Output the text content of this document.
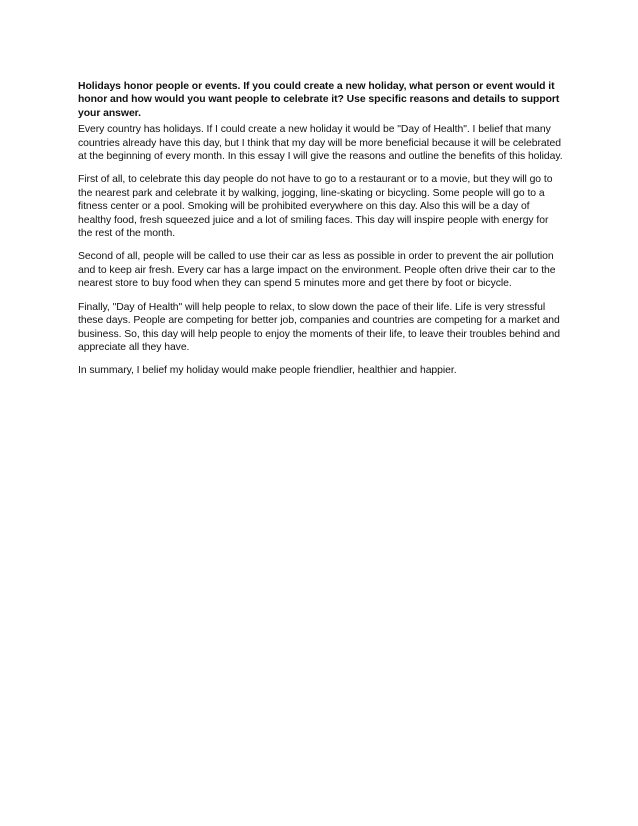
Holidays honor people or events. If you could create a new holiday, what person or event would it honor and how would you want people to celebrate it? Use specific reasons and details to support your answer.

Every country has holidays. If I could create a new holiday it would be "Day of Health". I belief that many countries already have this day, but I think that my day will be more beneficial because it will be celebrated at the beginning of every month. In this essay I will give the reasons and outline the benefits of this holiday.

First of all, to celebrate this day people do not have to go to a restaurant or to a movie, but they will go to the nearest park and celebrate it by walking, jogging, line-skating or bicycling. Some people will go to a fitness center or a pool. Smoking will be prohibited everywhere on this day. Also this will be a day of healthy food, fresh squeezed juice and a lot of smiling faces. This day will inspire people with energy for the rest of the month.

Second of all, people will be called to use their car as less as possible in order to prevent the air pollution and to keep air fresh. Every car has a large impact on the environment. People often drive their car to the nearest store to buy food when they can spend 5 minutes more and get there by foot or bicycle.

Finally, "Day of Health" will help people to relax, to slow down the pace of their life. Life is very stressful these days. People are competing for better job, companies and countries are competing for a market and business. So, this day will help people to enjoy the moments of their life, to leave their troubles behind and appreciate all they have.

In summary, I belief my holiday would make people friendlier, healthier and happier.
